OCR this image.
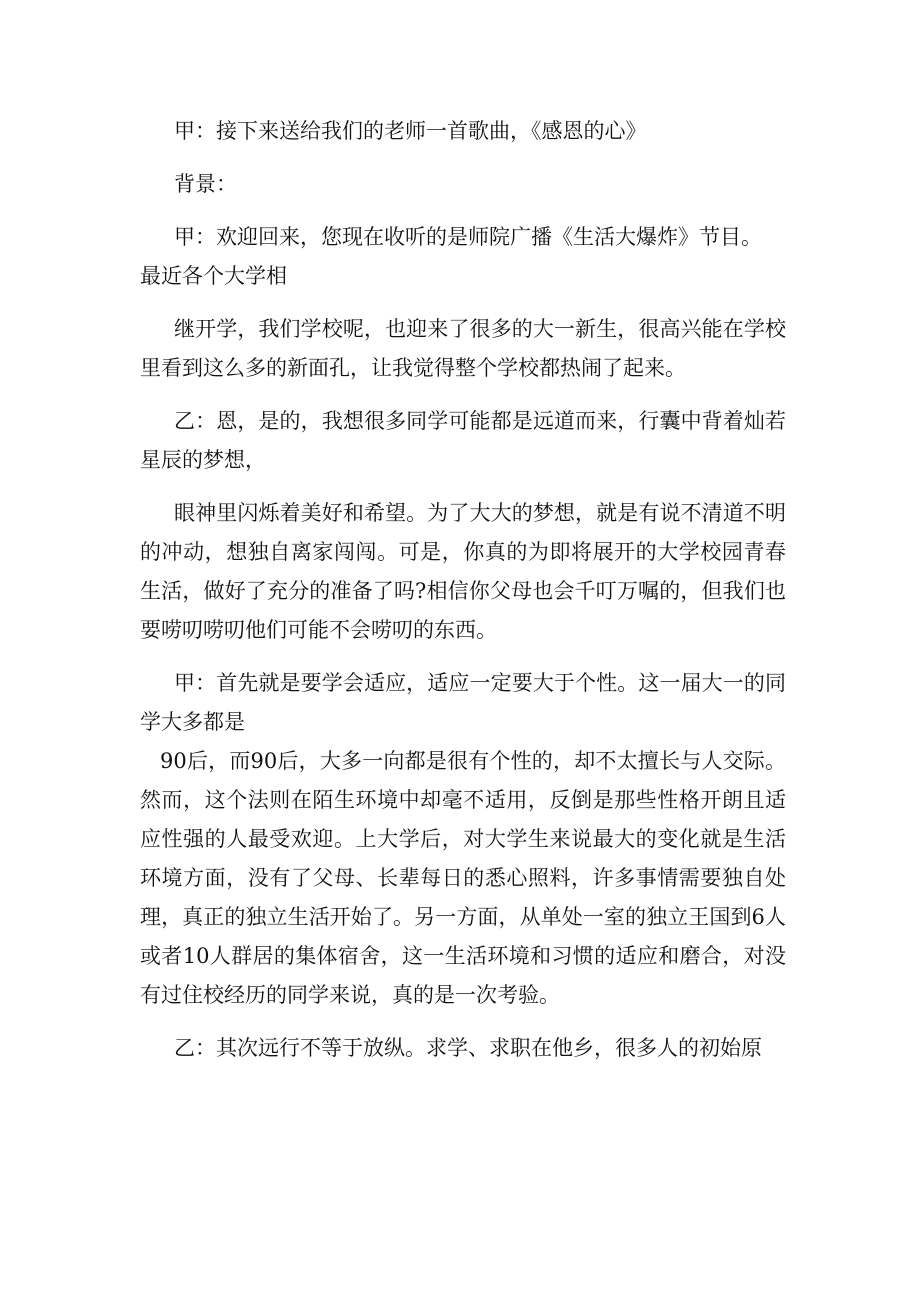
甲：接下来送给我们的老师一首歌曲，《感恩的心》

背景：

甲：欢迎回来，您现在收听的是师院广播《生活大爆炸》节目。

最近各个大学相

继开学，我们学校呢，也迎来了很多的大一新生，很高兴能在学校里看到这么多的新面孔，让我觉得整个学校都热闹了起来。

乙：恩，是的，我想很多同学可能都是远道而来，行囊中背着灿若星辰的梦想，

眼神里闪烁着美好和希望。为了大大的梦想，就是有说不清道不明的冲动，想独自离家闯闯。可是，你真的为即将展开的大学校园青春生活，做好了充分的准备了吗?相信你父母也会千叮万嘱的，但我们也要唠叨唠叨他们可能不会唠叨的东西。

甲：首先就是要学会适应，适应一定要大于个性。这一届大一的同学大多都是

90后，而90后，大多一向都是很有个性的，却不太擅长与人交际。然而，这个法则在陌生环境中却毫不适用，反倒是那些性格开朗且适应性强的人最受欢迎。上大学后，对大学生来说最大的变化就是生活环境方面，没有了父母、长辈每日的悉心照料，许多事情需要独自处理，真正的独立生活开始了。另一方面，从单处一室的独立王国到6人或者10人群居的集体宿舍，这一生活环境和习惯的适应和磨合，对没有过住校经历的同学来说，真的是一次考验。

乙：其次远行不等于放纵。求学、求职在他乡，很多人的初始原
